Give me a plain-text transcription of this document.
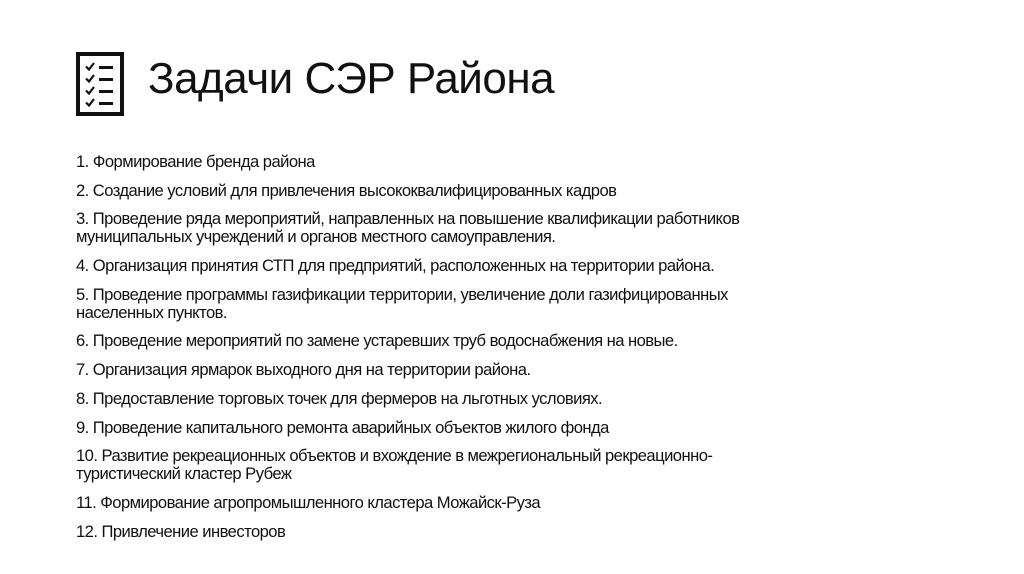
Задачи СЭР Района
1. Формирование бренда района
2. Создание условий для привлечения высококвалифицированных кадров
3. Проведение ряда мероприятий, направленных на повышение квалификации работников
муниципальных учреждений и органов местного самоуправления.
4. Организация принятия СТП для предприятий, расположенных на территории района.
5. Проведение программы газификации территории, увеличение доли газифицированных
населенных пунктов.
6. Проведение мероприятий по замене устаревших труб водоснабжения на новые.
7. Организация ярмарок выходного дня на территории района.
8. Предоставление торговых точек для фермеров на льготных условиях.
9. Проведение капитального ремонта аварийных объектов жилого фонда
10. Развитие рекреационных объектов и вхождение в межрегиональный рекреационно-
туристический кластер Рубеж
11. Формирование агропромышленного кластера Можайск-Руза
12. Привлечение инвесторов
